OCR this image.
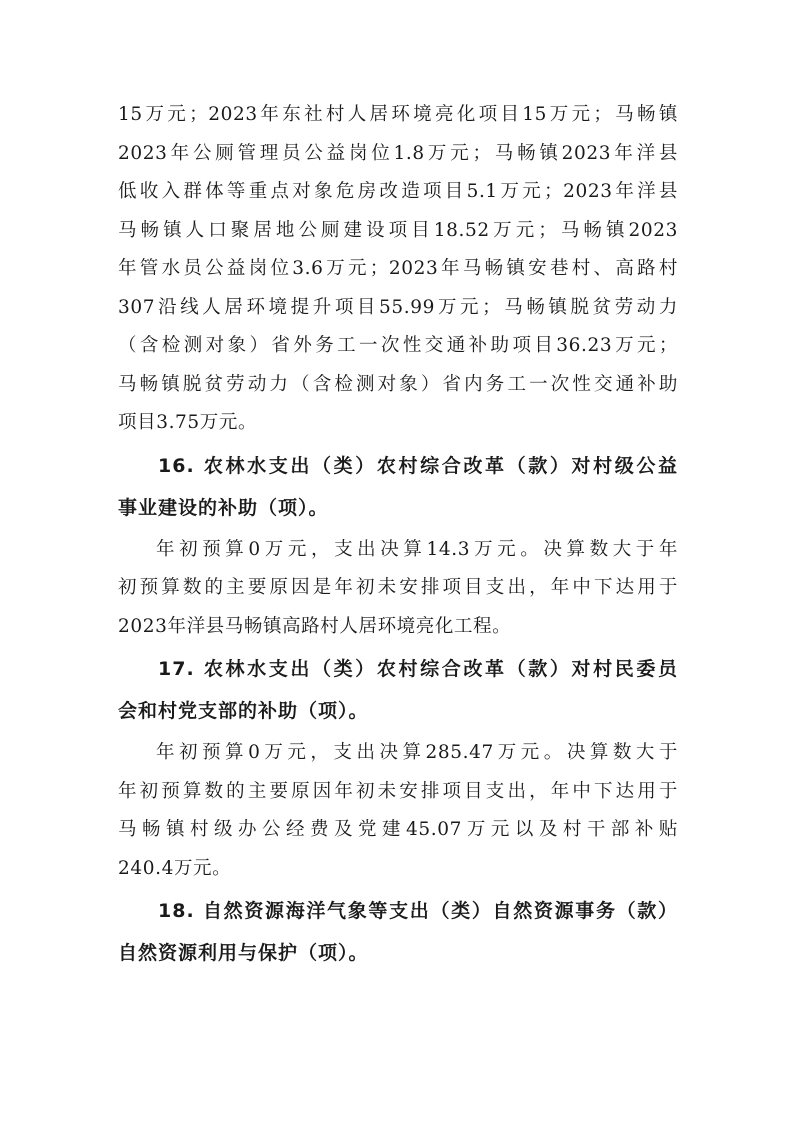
15万元；2023年东社村人居环境亮化项目15万元；马畅镇
2023年公厕管理员公益岗位1.8万元；马畅镇2023年洋县
低收入群体等重点对象危房改造项目5.1万元；2023年洋县
马畅镇人口聚居地公厕建设项目18.52万元；马畅镇2023
年管水员公益岗位3.6万元；2023年马畅镇安巷村、高路村
307沿线人居环境提升项目55.99万元；马畅镇脱贫劳动力
（含检测对象）省外务工一次性交通补助项目36.23万元；
马畅镇脱贫劳动力（含检测对象）省内务工一次性交通补助
项目3.75万元。
16. 农林水支出（类）农村综合改革（款）对村级公益
事业建设的补助（项）。
年初预算0万元，支出决算14.3万元。决算数大于年
初预算数的主要原因是年初未安排项目支出，年中下达用于
2023年洋县马畅镇高路村人居环境亮化工程。
17. 农林水支出（类）农村综合改革（款）对村民委员
会和村党支部的补助（项）。
年初预算0万元，支出决算285.47万元。决算数大于
年初预算数的主要原因年初未安排项目支出，年中下达用于
马畅镇村级办公经费及党建45.07万元以及村干部补贴
240.4万元。
18. 自然资源海洋气象等支出（类）自然资源事务（款）
自然资源利用与保护（项）。
